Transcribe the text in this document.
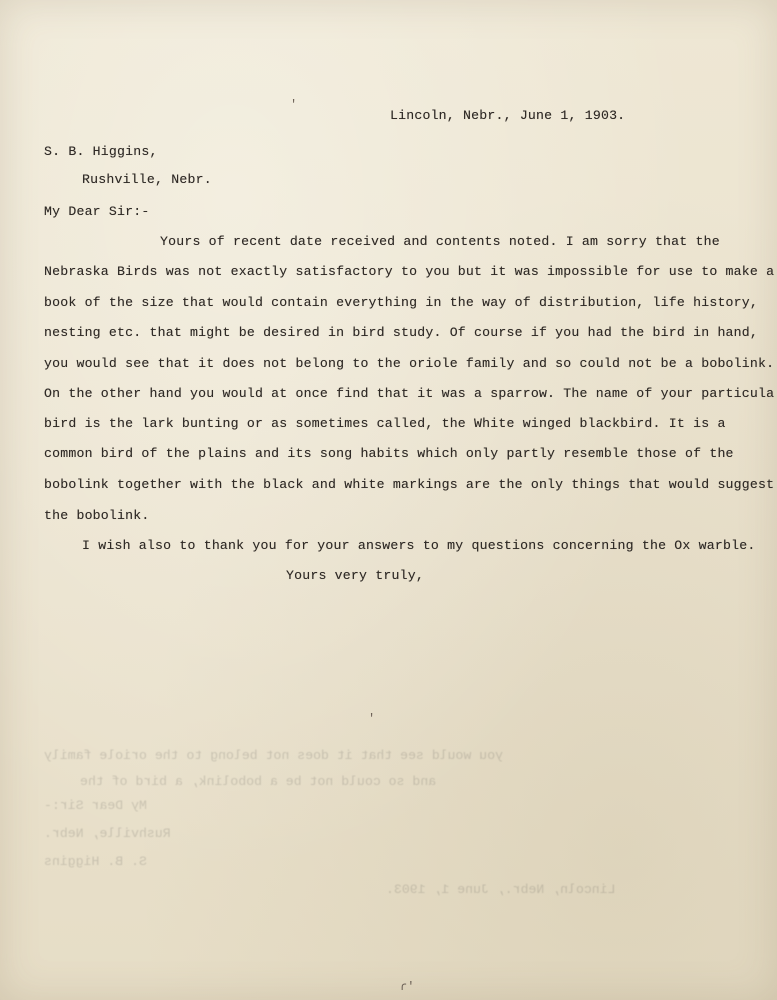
'
'
ɾ'
Lincoln, Nebr., June 1, 1903.
S. B. Higgins,
Rushville, Nebr.
My Dear Sir:-
Yours of recent date received and contents noted. I am sorry that the
Nebraska Birds was not exactly satisfactory to you but it was impossible for use to make a
book of the size that would contain everything in the way of distribution, life history,
nesting etc. that might be desired in bird study. Of course if you had the bird in hand,
you would see that it does not belong to the oriole family and so could not be a bobolink.
On the other hand you would at once find that it was a sparrow. The name of your particula
bird is the lark bunting or as sometimes called, the White winged blackbird. It is a
common bird of the plains and its song habits which only partly resemble those of the
bobolink together with the black and white markings are the only things that would suggest
the bobolink.
I wish also to thank you for your answers to my questions concerning the Ox warble.
Yours very truly,
you would see that it does not belong to the oriole family
and so could not be a bobolink, a bird of the
My Dear Sir:-
Rushville, Nebr.
S. B. Higgins
Lincoln, Nebr., June 1, 1903.
